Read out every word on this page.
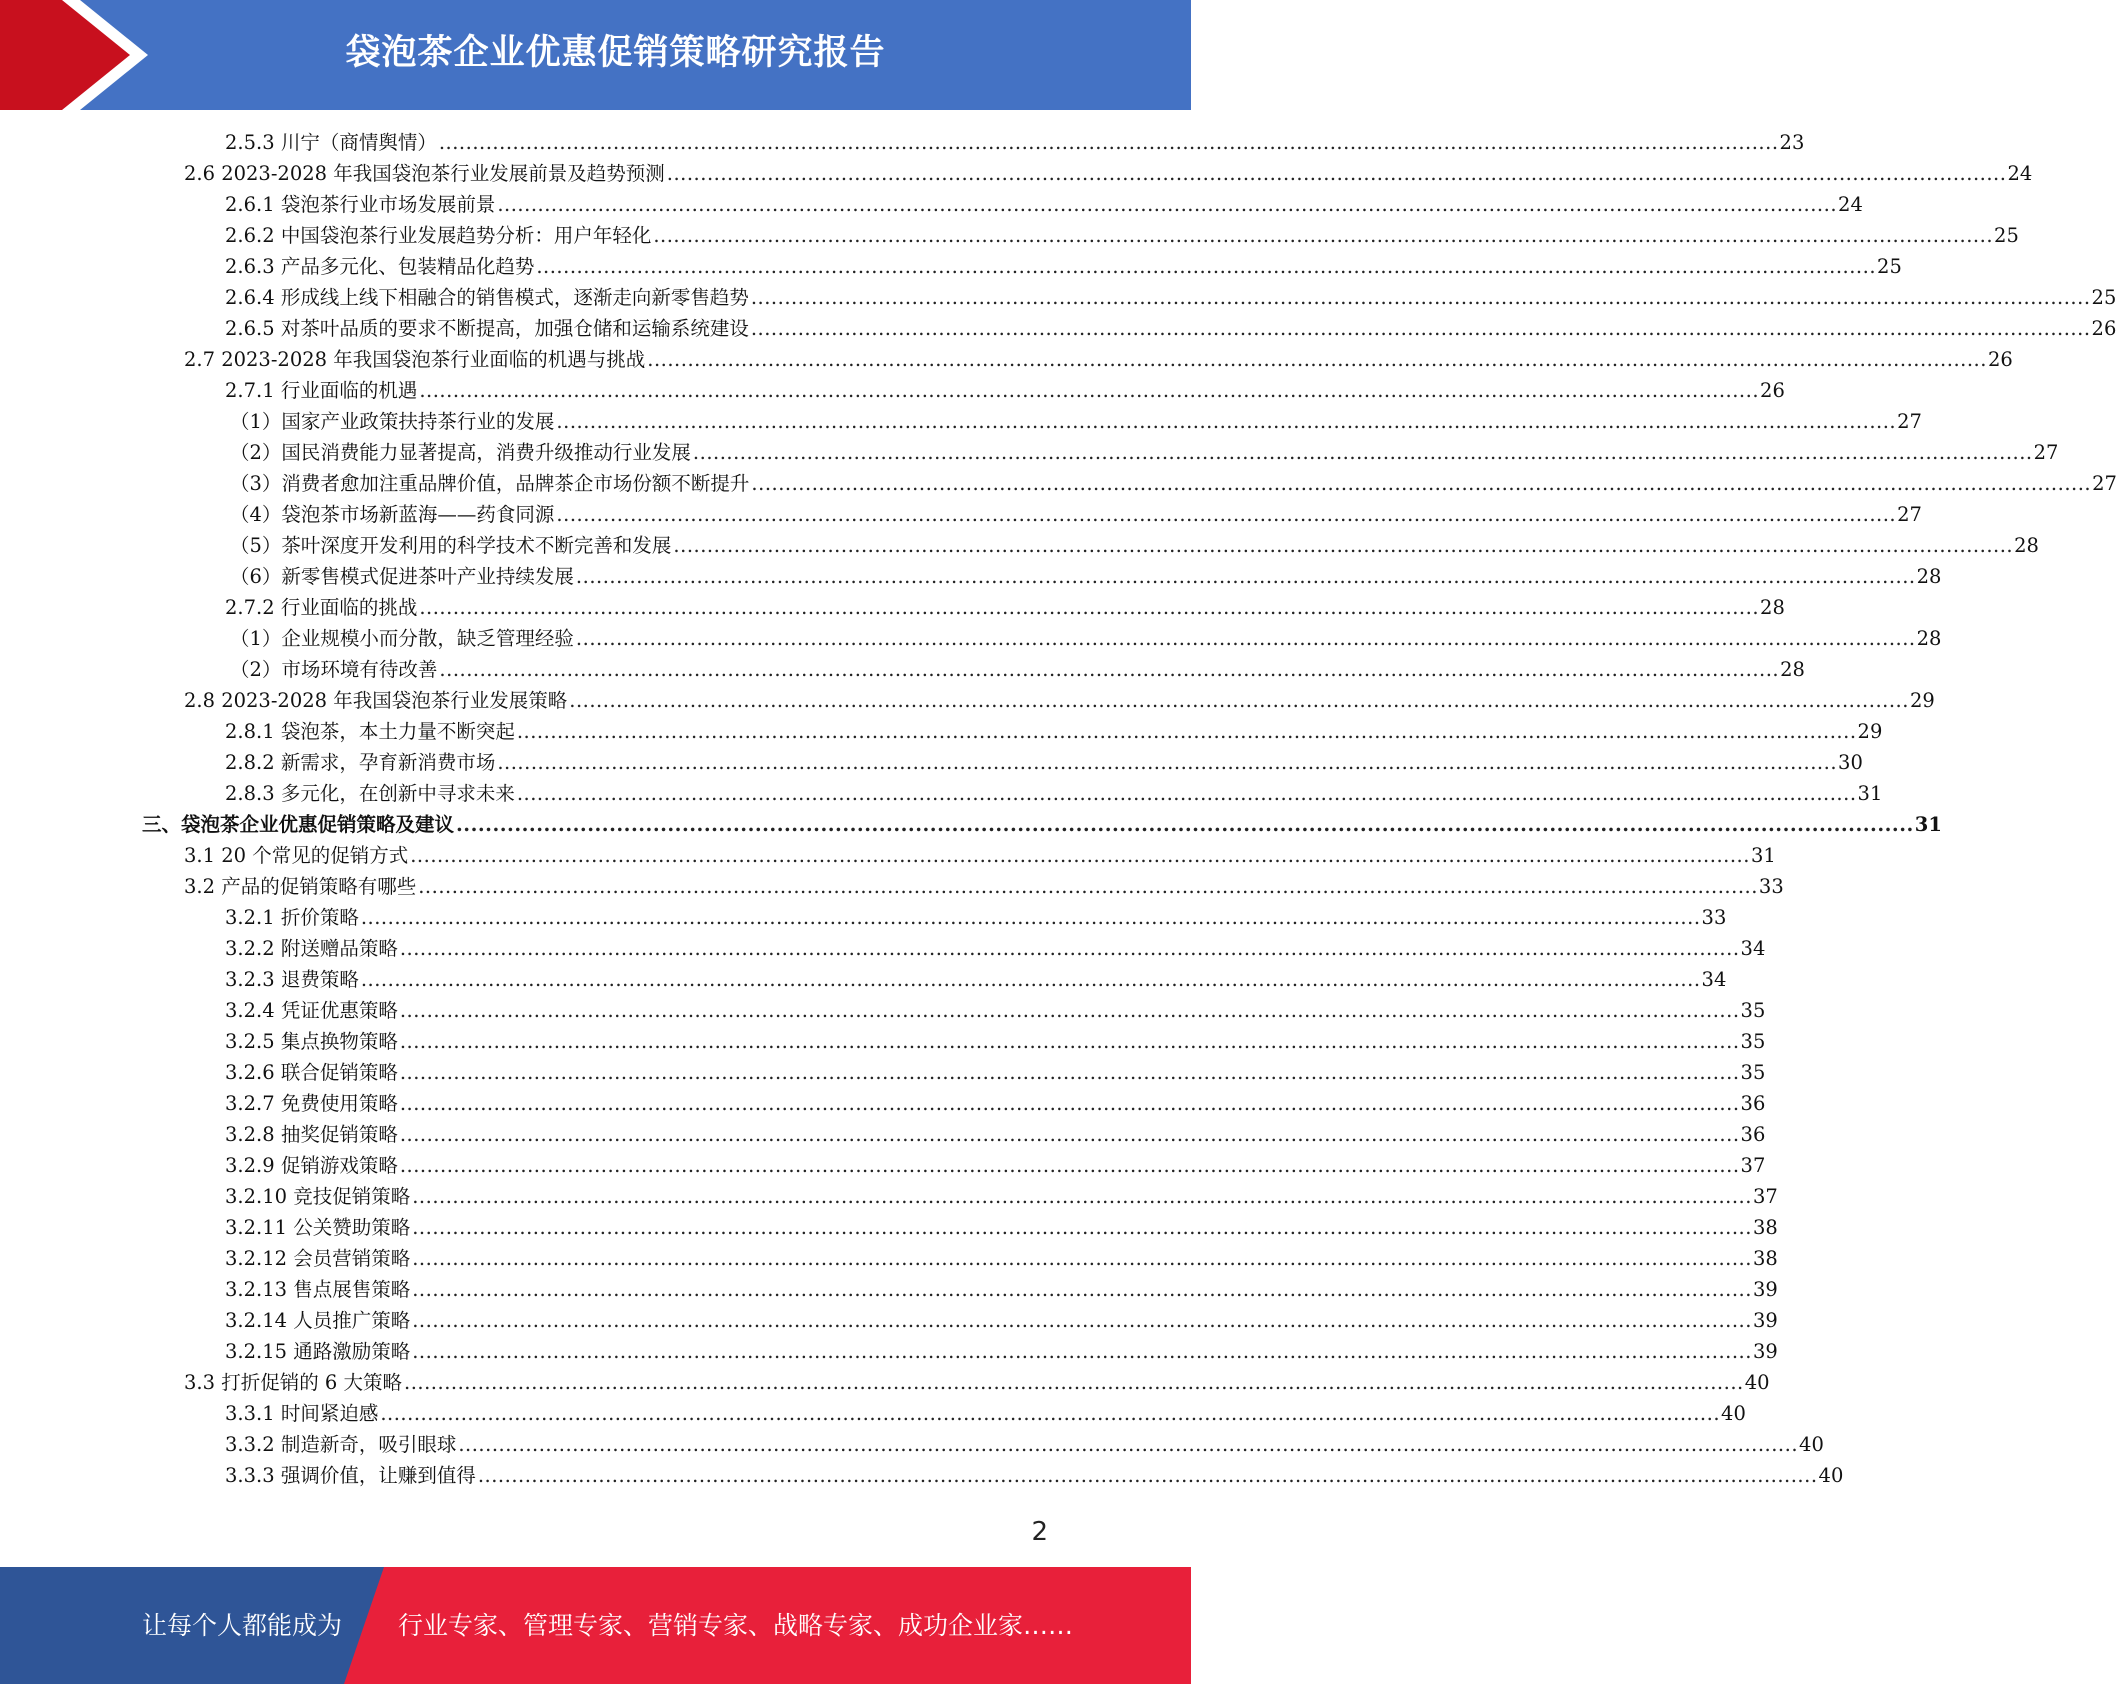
袋泡茶企业优惠促销策略研究报告
2.5.3 川宁（商情舆情） ........................................................................................................................................................................................................ 23
2.6 2023-2028 年我国袋泡茶行业发展前景及趋势预测 ........................................................................................................................................................................................................ 24
2.6.1 袋泡茶行业市场发展前景 ........................................................................................................................................................................................................ 24
2.6.2 中国袋泡茶行业发展趋势分析：用户年轻化 ........................................................................................................................................................................................................ 25
2.6.3 产品多元化、包装精品化趋势 ........................................................................................................................................................................................................ 25
2.6.4 形成线上线下相融合的销售模式，逐渐走向新零售趋势 ........................................................................................................................................................................................................ 25
2.6.5 对茶叶品质的要求不断提高，加强仓储和运输系统建设 ........................................................................................................................................................................................................ 26
2.7 2023-2028 年我国袋泡茶行业面临的机遇与挑战 ........................................................................................................................................................................................................ 26
2.7.1 行业面临的机遇 ........................................................................................................................................................................................................ 26
（1）国家产业政策扶持茶行业的发展 ........................................................................................................................................................................................................ 27
（2）国民消费能力显著提高，消费升级推动行业发展 ........................................................................................................................................................................................................ 27
（3）消费者愈加注重品牌价值，品牌茶企市场份额不断提升 ........................................................................................................................................................................................................ 27
（4）袋泡茶市场新蓝海——药食同源 ........................................................................................................................................................................................................ 27
（5）茶叶深度开发利用的科学技术不断完善和发展 ........................................................................................................................................................................................................ 28
（6）新零售模式促进茶叶产业持续发展 ........................................................................................................................................................................................................ 28
2.7.2 行业面临的挑战 ........................................................................................................................................................................................................ 28
（1）企业规模小而分散，缺乏管理经验 ........................................................................................................................................................................................................ 28
（2）市场环境有待改善 ........................................................................................................................................................................................................ 28
2.8 2023-2028 年我国袋泡茶行业发展策略 ........................................................................................................................................................................................................ 29
2.8.1 袋泡茶，本土力量不断突起 ........................................................................................................................................................................................................ 29
2.8.2 新需求，孕育新消费市场 ........................................................................................................................................................................................................ 30
2.8.3 多元化，在创新中寻求未来 ........................................................................................................................................................................................................ 31
三、袋泡茶企业优惠促销策略及建议 ........................................................................................................................................................................................................ 31
3.1 20 个常见的促销方式 ........................................................................................................................................................................................................ 31
3.2 产品的促销策略有哪些 ........................................................................................................................................................................................................ 33
3.2.1 折价策略 ........................................................................................................................................................................................................ 33
3.2.2 附送赠品策略 ........................................................................................................................................................................................................ 34
3.2.3 退费策略 ........................................................................................................................................................................................................ 34
3.2.4 凭证优惠策略 ........................................................................................................................................................................................................ 35
3.2.5 集点换物策略 ........................................................................................................................................................................................................ 35
3.2.6 联合促销策略 ........................................................................................................................................................................................................ 35
3.2.7 免费使用策略 ........................................................................................................................................................................................................ 36
3.2.8 抽奖促销策略 ........................................................................................................................................................................................................ 36
3.2.9 促销游戏策略 ........................................................................................................................................................................................................ 37
3.2.10 竞技促销策略 ........................................................................................................................................................................................................ 37
3.2.11 公关赞助策略 ........................................................................................................................................................................................................ 38
3.2.12 会员营销策略 ........................................................................................................................................................................................................ 38
3.2.13 售点展售策略 ........................................................................................................................................................................................................ 39
3.2.14 人员推广策略 ........................................................................................................................................................................................................ 39
3.2.15 通路激励策略 ........................................................................................................................................................................................................ 39
3.3 打折促销的 6 大策略 ........................................................................................................................................................................................................ 40
3.3.1 时间紧迫感 ........................................................................................................................................................................................................ 40
3.3.2 制造新奇，吸引眼球 ........................................................................................................................................................................................................ 40
3.3.3 强调价值，让赚到值得 ........................................................................................................................................................................................................ 40
2
让每个人都能成为 行业专家、管理专家、营销专家、战略专家、成功企业家……
